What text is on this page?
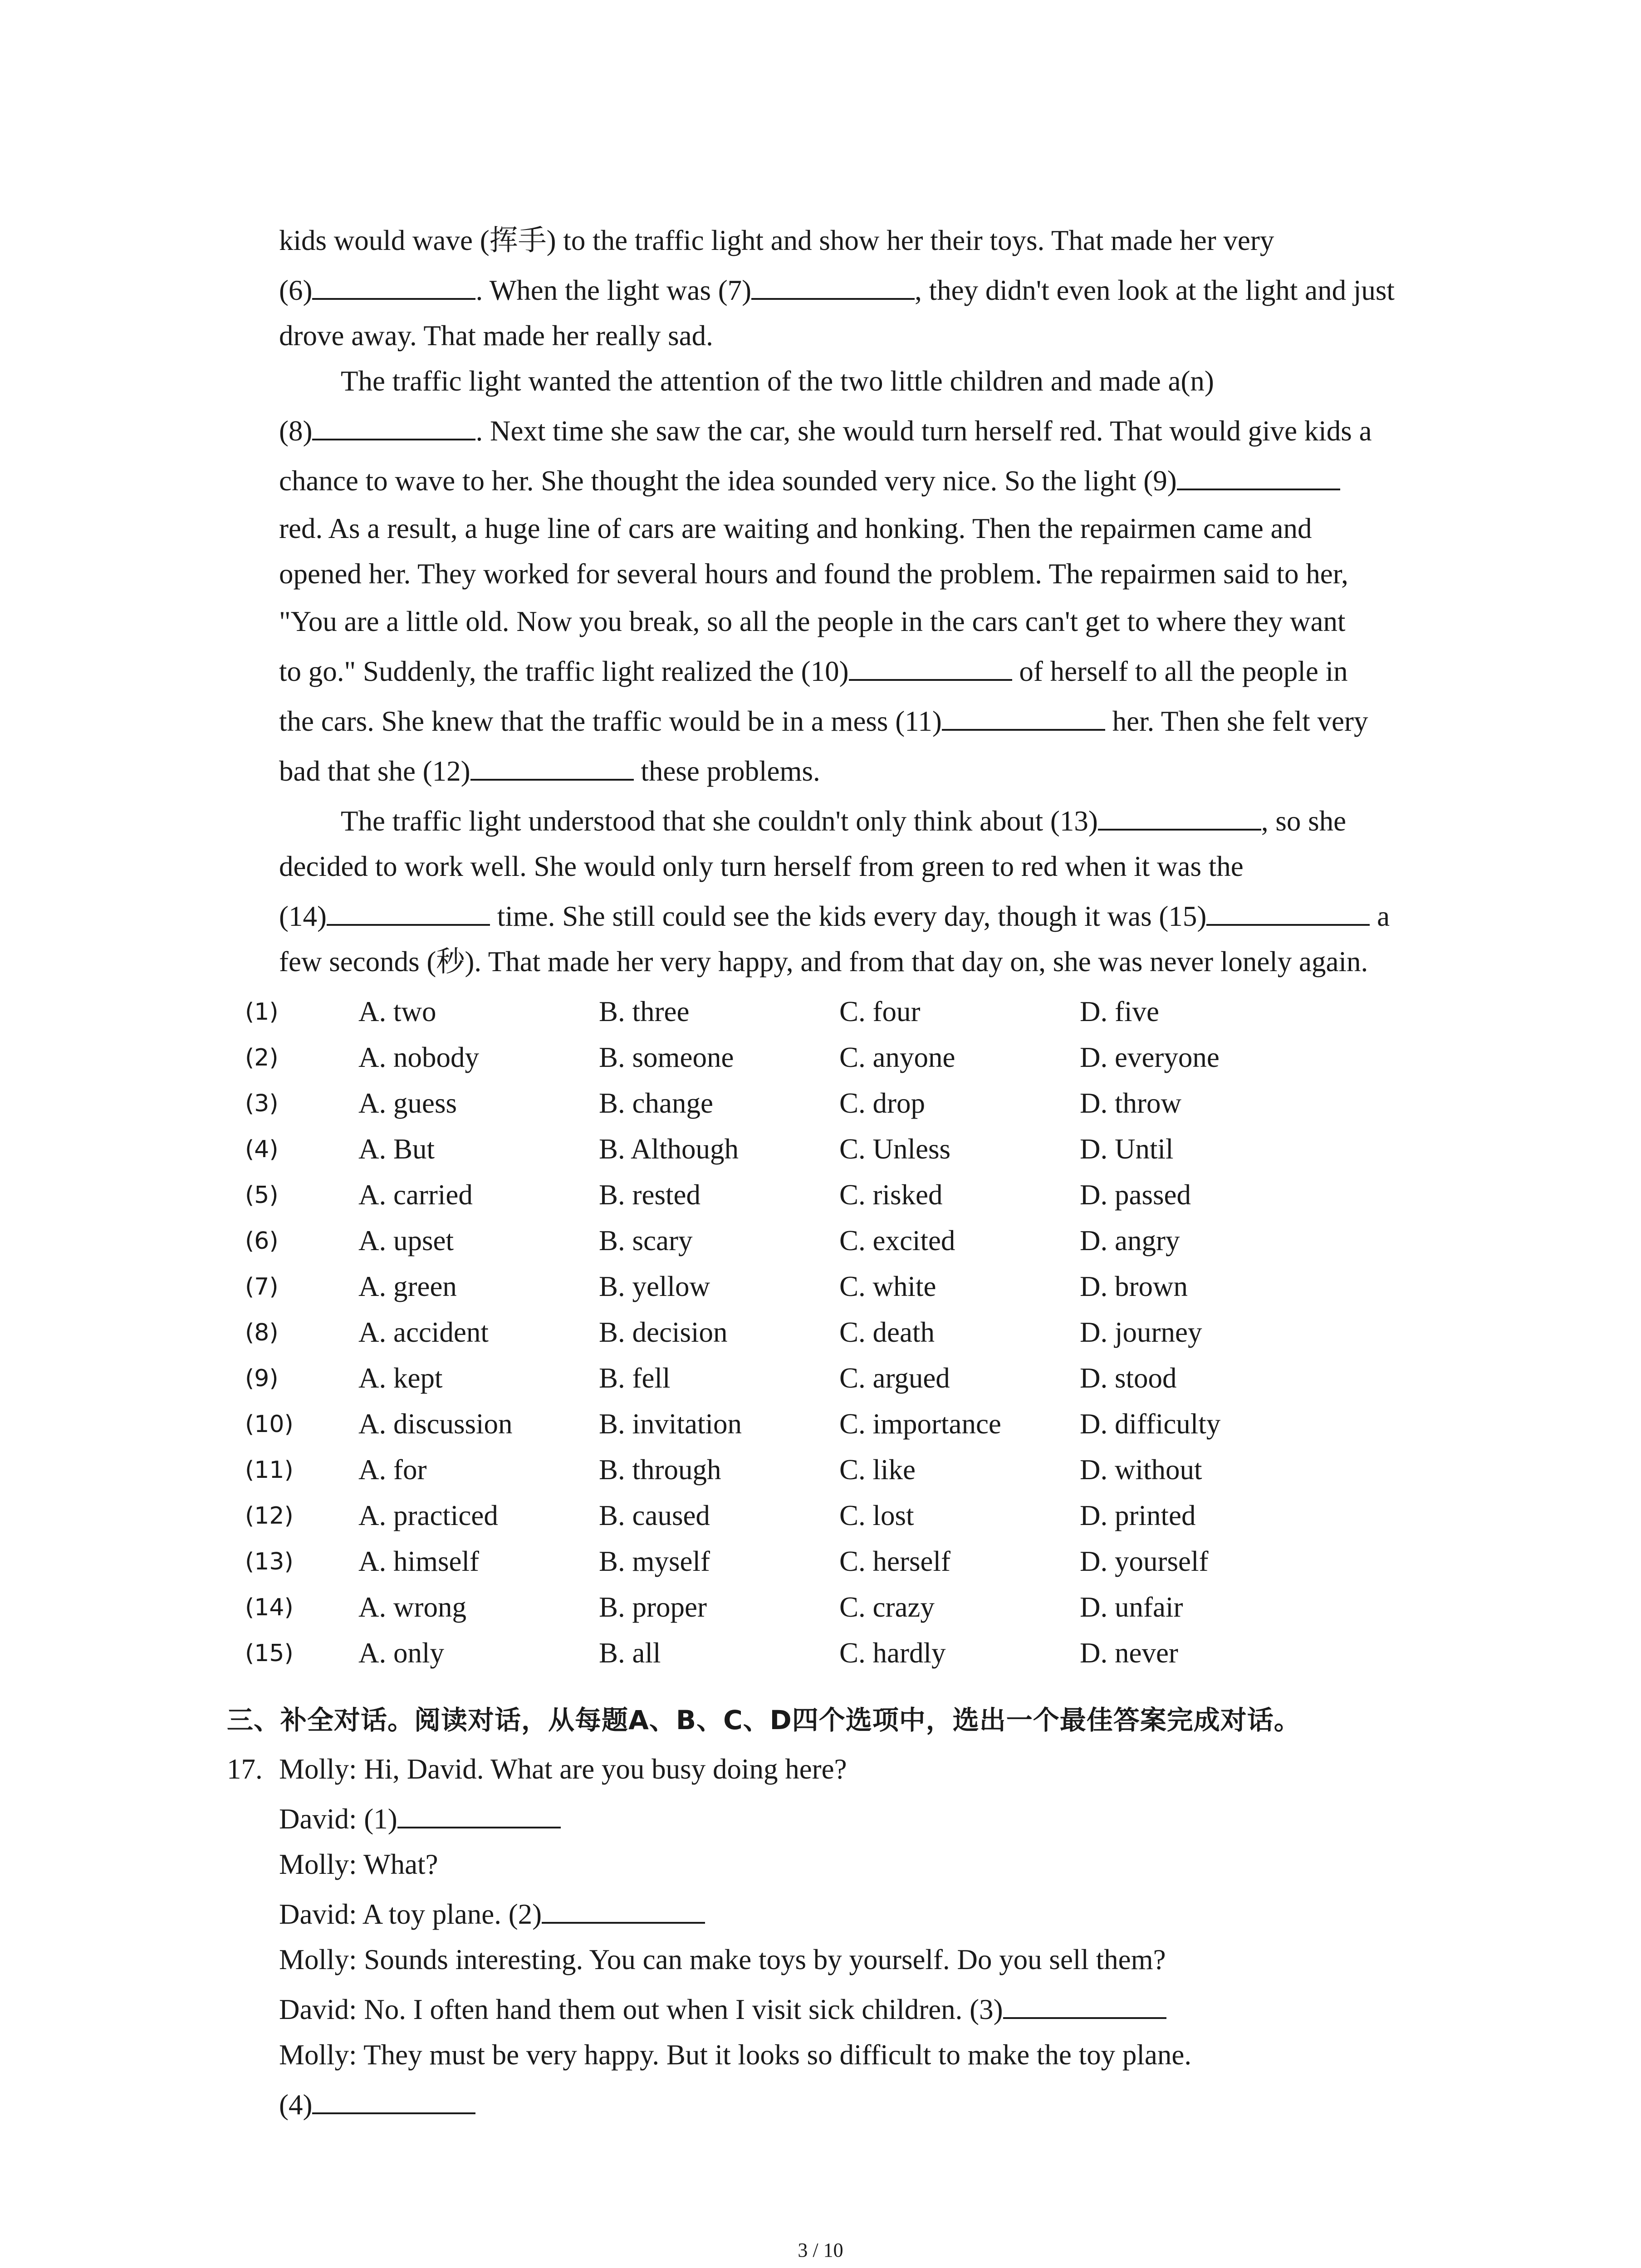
kids would wave (挥手) to the traffic light and show her their toys. That made her very

(6)	. When the light was (7)	, they didn't even look at the light and just

drove away. That made her really sad.

The traffic light wanted the attention of the two little children and made a(n)

(8)	. Next time she saw the car, she would turn herself red. That would give kids a

chance to wave to her. She thought the idea sounded very nice. So the light (9)

red. As a result, a huge line of cars are waiting and honking. Then the repairmen came and

opened her. They worked for several hours and found the problem. The repairmen said to her,

"You are a little old. Now you break, so all the people in the cars can't get to where they want

to go." Suddenly, the traffic light realized the (10)	of herself to all the people in

the cars. She knew that the traffic would be in a mess (11)	her. Then she felt very

bad that she (12)	these problems.

The traffic light understood that she couldn't only think about (13)	, so she

decided to work well. She would only turn herself from green to red when it was the

(14)	time. She still could see the kids every day, though it was (15)	a

few seconds (秒). That made her very happy, and from that day on, she was never lonely again.

(1)	A. two	B. three	C. four	D. five
(2)	A. nobody	B. someone	C. anyone	D. everyone
(3)	A. guess	B. change	C. drop	D. throw
(4)	A. But	B. Although	C. Unless	D. Until
(5)	A. carried	B. rested	C. risked	D. passed
(6)	A. upset	B. scary	C. excited	D. angry
(7)	A. green	B. yellow	C. white	D. brown
(8)	A. accident	B. decision	C. death	D. journey
(9)	A. kept	B. fell	C. argued	D. stood
(10)	A. discussion	B. invitation	C. importance	D. difficulty
(11)	A. for	B. through	C. like	D. without
(12)	A. practiced	B. caused	C. lost	D. printed
(13)	A. himself	B. myself	C. herself	D. yourself
(14)	A. wrong	B. proper	C. crazy	D. unfair
(15)	A. only	B. all	C. hardly	D. never

三、补全对话。阅读对话，从每题A、B、C、D四个选项中，选出一个最佳答案完成对话。

17. Molly: Hi, David. What are you busy doing here?

David: (1)

Molly: What?

David: A toy plane. (2)

Molly: Sounds interesting. You can make toys by yourself. Do you sell them?

David: No. I often hand them out when I visit sick children. (3)

Molly: They must be very happy. But it looks so difficult to make the toy plane.

(4)

3 / 10
